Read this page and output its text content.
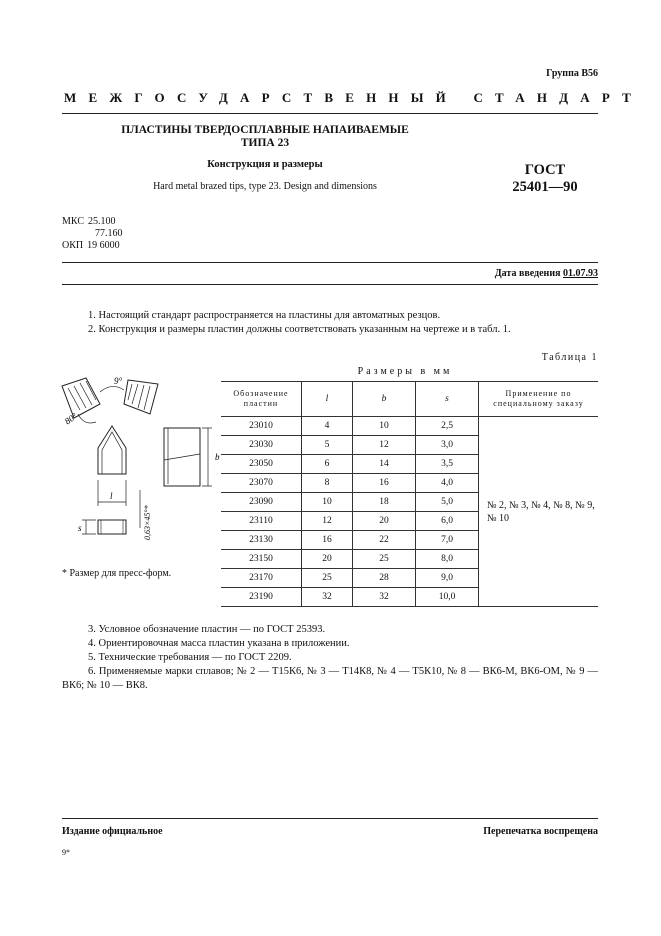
Группа В56
МЕЖГОСУДАРСТВЕННЫЙ СТАНДАРТ
ПЛАСТИНЫ ТВЕРДОСПЛАВНЫЕ НАПАИВАЕМЫЕ
ТИПА 23
Конструкция и размеры
Hard metal brazed tips, type 23. Design and dimensions
ГОСТ
25401—90
МКС 25.100
77.160
ОКП 19 6000
Дата введения 01.07.93
1. Настоящий стандарт распространяется на пластины для автоматных резцов.
2. Конструкция и размеры пластин должны соответствовать указанным на чертеже и в табл. 1.
Таблица 1
Размеры в мм
9°
80°
b
l
s	0,63×45°*
* Размер для пресс-форм.
Обозначение пластин	l	b	s	Применение по специальному заказу
23010	4	10	2,5	№ 2, № 3, № 4, № 8, № 9, № 10
23030	5	12	3,0	
23050	6	14	3,5	
23070	8	16	4,0	
23090	10	18	5,0	
23110	12	20	6,0	
23130	16	22	7,0	
23150	20	25	8,0	
23170	25	28	9,0	
23190	32	32	10,0	
3. Условное обозначение пластин — по ГОСТ 25393.
4. Ориентировочная масса пластин указана в приложении.
5. Технические требования — по ГОСТ 2209.
6. Применяемые марки сплавов; № 2 — Т15К6, № 3 — Т14К8, № 4 — Т5К10, № 8 — ВК6-М, ВК6-ОМ, № 9 — ВК6; № 10 — ВК8.
Издание официальное	Перепечатка воспрещена
9*
